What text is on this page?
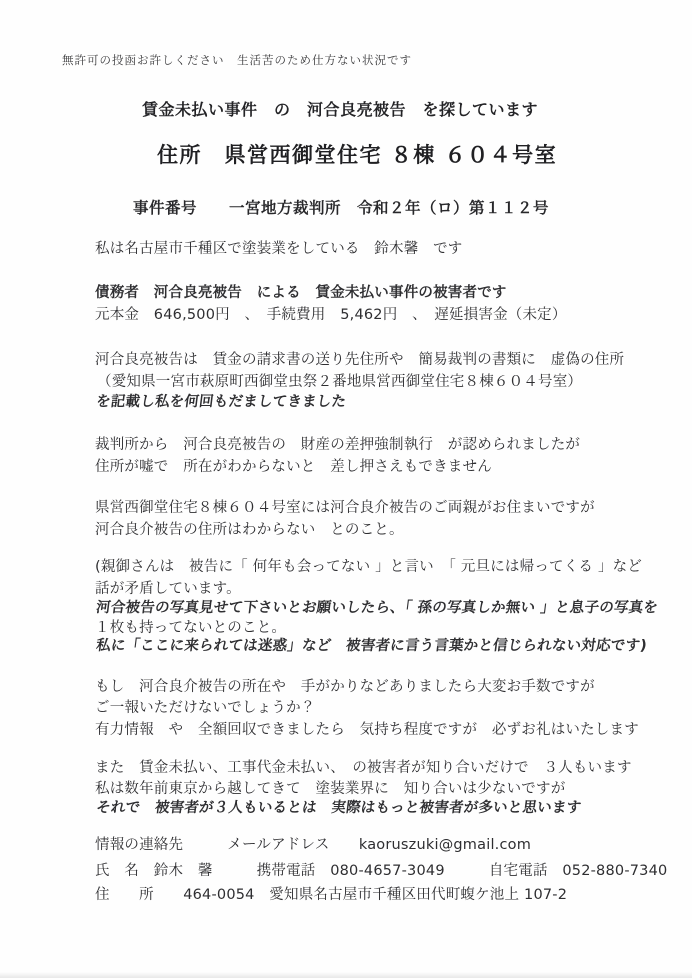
無許可の投函お許しください　生活苦のため仕方ない状況です
賃金未払い事件　の　河合良亮被告　を探しています
住所　県営西御堂住宅 ８棟 ６０４号室
事件番号　　一宮地方裁判所　令和２年（ロ）第１１２号
私は名古屋市千種区で塗装業をしている　鈴木馨　です
債務者　河合良亮被告　による　賃金未払い事件の被害者です
元本金　646,500円　、　手続費用　5,462円　、　遅延損害金（未定）
河合良亮被告は　賃金の請求書の送り先住所や　簡易裁判の書類に　虚偽の住所
（愛知県一宮市萩原町西御堂虫祭２番地県営西御堂住宅８棟６０４号室）
を記載し私を何回もだましてきました
裁判所から　河合良亮被告の　財産の差押強制執行　が認められましたが
住所が嘘で　所在がわからないと　差し押さえもできません
県営西御堂住宅８棟６０４号室には河合良介被告のご両親がお住まいですが
河合良介被告の住所はわからない　とのこと。
(親御さんは　被告に「 何年も会ってない 」と言い　「 元旦には帰ってくる 」など
話が矛盾しています。
河合被告の写真見せて下さいとお願いしたら、「 孫の写真しか無い 」と息子の写真を
１枚も持ってないとのこと。
私に「ここに来られては迷惑」など　被害者に言う言葉かと信じられない対応です)
もし　河合良介被告の所在や　手がかりなどありましたら大変お手数ですが
ご一報いただけないでしょうか？
有力情報　や　全額回収できましたら　気持ち程度ですが　必ずお礼はいたします
また　賃金未払い、工事代金未払い、　の被害者が知り合いだけで　３人もいます
私は数年前東京から越してきて　塗装業界に　知り合いは少ないですが
それで　被害者が３人もいるとは　実際はもっと被害者が多いと思います
情報の連絡先　　　メールアドレス　　kaoruszuki@gmail.com
氏　名　鈴木　馨　　　携帯電話　080-4657-3049　　　自宅電話　052-880-7340
住　　所　　464-0054　愛知県名古屋市千種区田代町蝮ケ池上 107-2
